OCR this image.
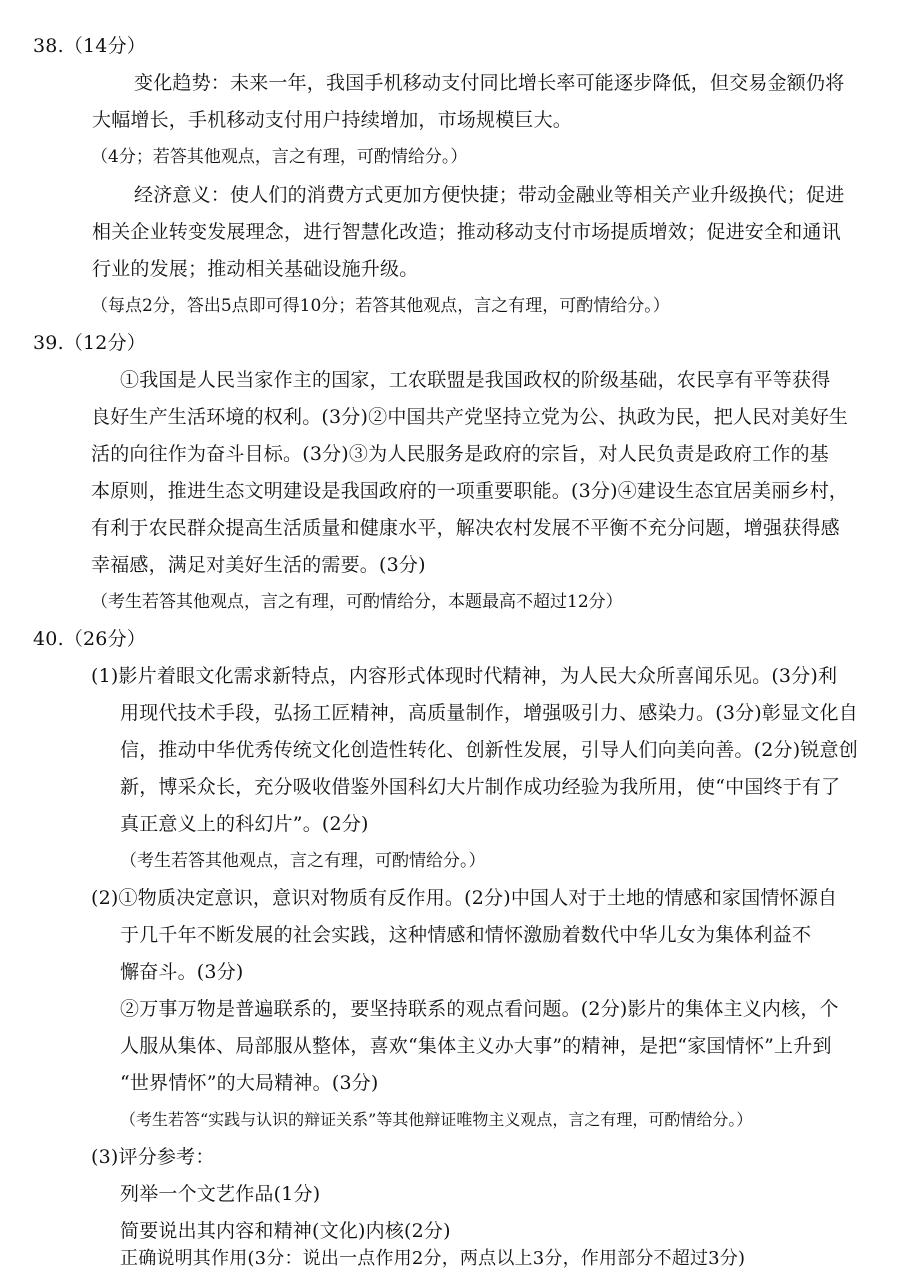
38.（14分）
变化趋势：未来一年，我国手机移动支付同比增长率可能逐步降低，但交易金额仍将
大幅增长，手机移动支付用户持续增加，市场规模巨大。
（4分；若答其他观点，言之有理，可酌情给分。）
经济意义：使人们的消费方式更加方便快捷；带动金融业等相关产业升级换代；促进
相关企业转变发展理念，进行智慧化改造；推动移动支付市场提质增效；促进安全和通讯
行业的发展；推动相关基础设施升级。
（每点2分，答出5点即可得10分；若答其他观点，言之有理，可酌情给分。）
39.（12分）
①我国是人民当家作主的国家，工农联盟是我国政权的阶级基础，农民享有平等获得
良好生产生活环境的权利。(3分)②中国共产党坚持立党为公、执政为民，把人民对美好生
活的向往作为奋斗目标。(3分)③为人民服务是政府的宗旨，对人民负责是政府工作的基
本原则，推进生态文明建设是我国政府的一项重要职能。(3分)④建设生态宜居美丽乡村，
有利于农民群众提高生活质量和健康水平，解决农村发展不平衡不充分问题，增强获得感
幸福感，满足对美好生活的需要。(3分)
（考生若答其他观点，言之有理，可酌情给分，本题最高不超过12分）
40.（26分）
(1)影片着眼文化需求新特点，内容形式体现时代精神，为人民大众所喜闻乐见。(3分)利
用现代技术手段，弘扬工匠精神，高质量制作，增强吸引力、感染力。(3分)彰显文化自
信，推动中华优秀传统文化创造性转化、创新性发展，引导人们向美向善。(2分)锐意创
新，博采众长，充分吸收借鉴外国科幻大片制作成功经验为我所用，使“中国终于有了
真正意义上的科幻片”。(2分)
（考生若答其他观点，言之有理，可酌情给分。）
(2)①物质决定意识，意识对物质有反作用。(2分)中国人对于土地的情感和家国情怀源自
于几千年不断发展的社会实践，这种情感和情怀激励着数代中华儿女为集体利益不
懈奋斗。(3分)
②万事万物是普遍联系的，要坚持联系的观点看问题。(2分)影片的集体主义内核，个
人服从集体、局部服从整体，喜欢“集体主义办大事”的精神，是把“家国情怀”上升到
“世界情怀”的大局精神。(3分)
（考生若答“实践与认识的辩证关系”等其他辩证唯物主义观点，言之有理，可酌情给分。）
(3)评分参考：
列举一个文艺作品(1分)
简要说出其内容和精神(文化)内核(2分)
正确说明其作用(3分：说出一点作用2分，两点以上3分，作用部分不超过3分)
